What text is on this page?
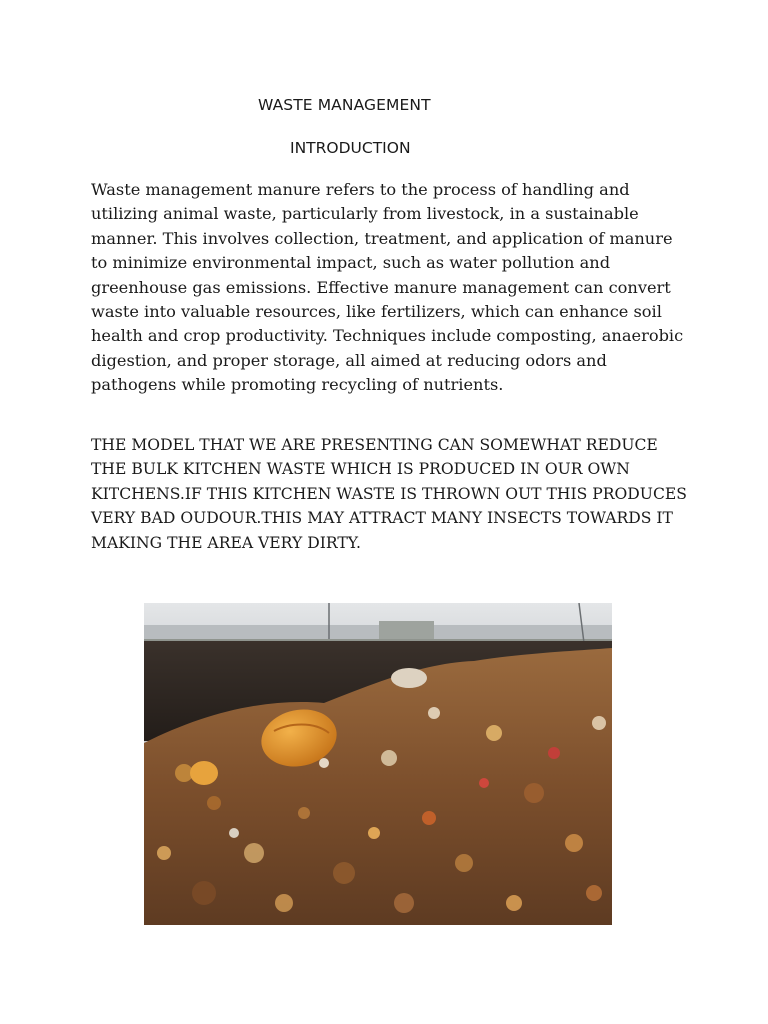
WASTE MANAGEMENT
INTRODUCTION

Waste management manure refers to the process of handling and utilizing animal waste, particularly from livestock, in a sustainable manner. This involves collection, treatment, and application of manure to minimize environmental impact, such as water pollution and greenhouse gas emissions. Effective manure management can convert waste into valuable resources, like fertilizers, which can enhance soil health and crop productivity. Techniques include composting, anaerobic digestion, and proper storage, all aimed at reducing odors and pathogens while promoting recycling of nutrients.

THE MODEL THAT WE ARE PRESENTING CAN SOMEWHAT REDUCE THE BULK KITCHEN WASTE WHICH IS PRODUCED IN OUR OWN KITCHENS.IF THIS KITCHEN WASTE IS THROWN OUT THIS PRODUCES VERY BAD OUDOUR.THIS MAY ATTRACT MANY INSECTS TOWARDS IT MAKING THE AREA VERY DIRTY.
